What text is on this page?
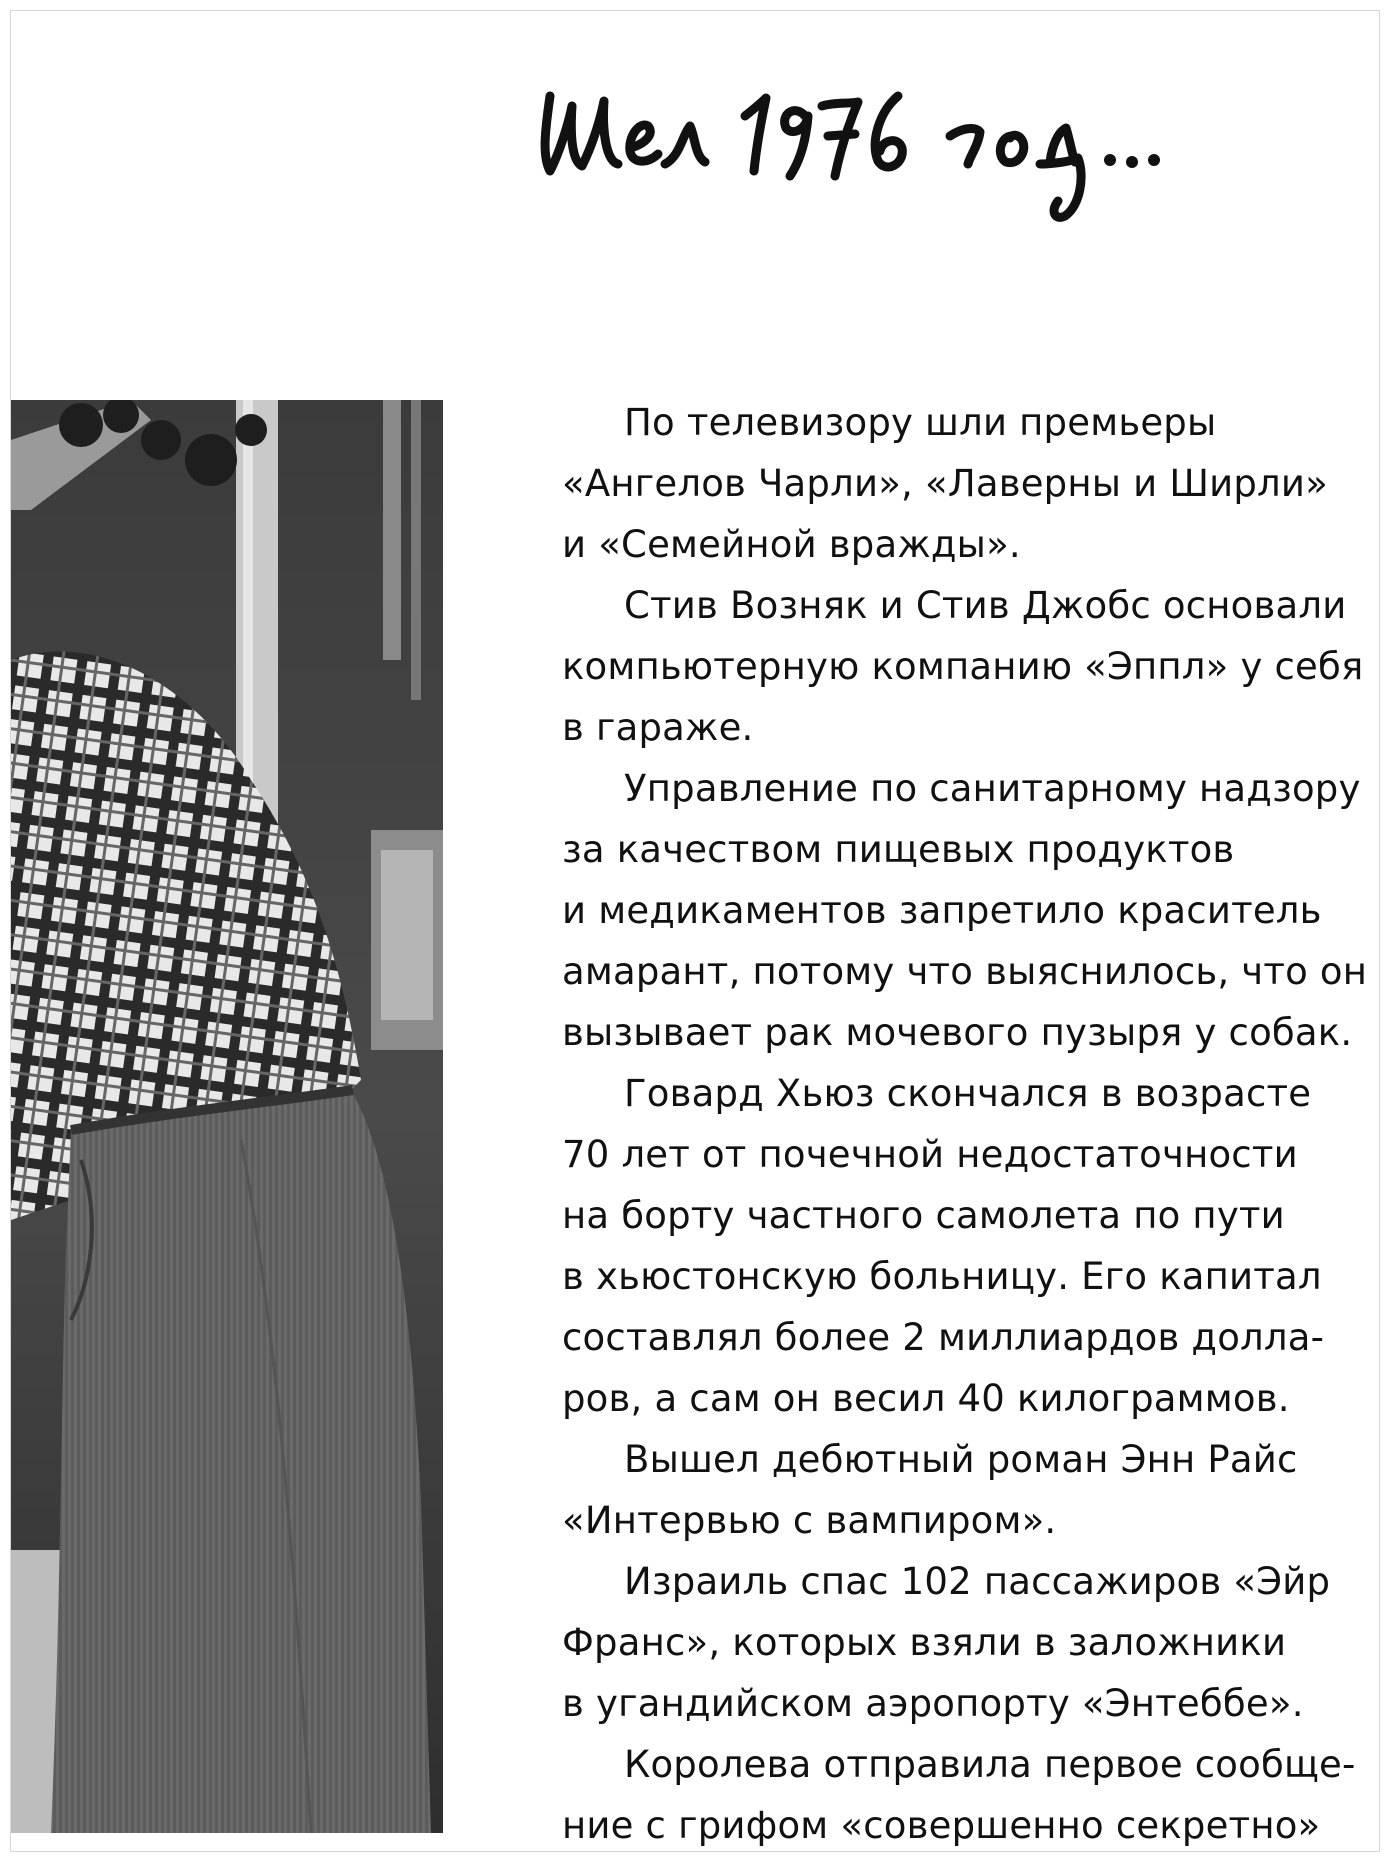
По телевизору шли премьеры
«Ангелов Чарли», «Лаверны и Ширли»
и «Семейной вражды».

Стив Возняк и Стив Джобс основали
компьютерную компанию «Эппл» у себя
в гараже.

Управление по санитарному надзору
за качеством пищевых продуктов
и медикаментов запретило краситель
амарант, потому что выяснилось, что он
вызывает рак мочевого пузыря у собак.

Говард Хьюз скончался в возрасте
70 лет от почечной недостаточности
на борту частного самолета по пути
в хьюстонскую больницу. Его капитал
составлял более 2 миллиардов долла-
ров, а сам он весил 40 килограммов.

Вышел дебютный роман Энн Райс
«Интервью с вампиром».

Израиль спас 102 пассажиров «Эйр
Франс», которых взяли в заложники
в угандийском аэропорту «Энтеббе».

Королева отправила первое сообще-
ние с грифом «совершенно секретно»
